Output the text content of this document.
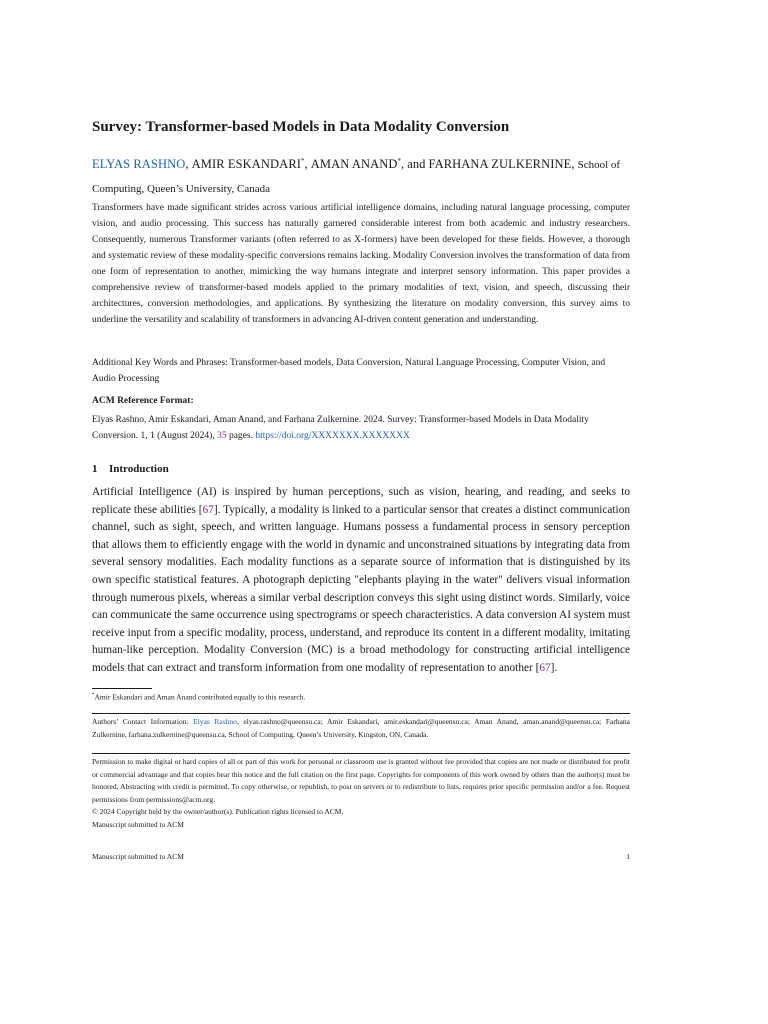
Survey: Transformer-based Models in Data Modality Conversion

ELYAS RASHNO, AMIR ESKANDARI*, AMAN ANAND*, and FARHANA ZULKERNINE, School of
Computing, Queen’s University, Canada

Transformers have made significant strides across various artificial intelligence domains, including natural language processing, computer vision, and audio processing. This success has naturally garnered considerable interest from both academic and industry researchers. Consequently, numerous Transformer variants (often referred to as X-formers) have been developed for these fields. However, a thorough and systematic review of these modality-specific conversions remains lacking. Modality Conversion involves the transformation of data from one form of representation to another, mimicking the way humans integrate and interpret sensory information. This paper provides a comprehensive review of transformer-based models applied to the primary modalities of text, vision, and speech, discussing their architectures, conversion methodologies, and applications. By synthesizing the literature on modality conversion, this survey aims to underline the versatility and scalability of transformers in advancing AI-driven content generation and understanding.

Additional Key Words and Phrases: Transformer-based models, Data Conversion, Natural Language Processing, Computer Vision, and Audio Processing

ACM Reference Format:

Elyas Rashno, Amir Eskandari, Aman Anand, and Farhana Zulkernine. 2024. Survey: Transformer-based Models in Data Modality Conversion. 1, 1 (August 2024), 35 pages. https://doi.org/XXXXXXX.XXXXXXX

1 Introduction

Artificial Intelligence (AI) is inspired by human perceptions, such as vision, hearing, and reading, and seeks to replicate these abilities [67]. Typically, a modality is linked to a particular sensor that creates a distinct communication channel, such as sight, speech, and written language. Humans possess a fundamental process in sensory perception that allows them to efficiently engage with the world in dynamic and unconstrained situations by integrating data from several sensory modalities. Each modality functions as a separate source of information that is distinguished by its own specific statistical features. A photograph depicting "elephants playing in the water" delivers visual information through numerous pixels, whereas a similar verbal description conveys this sight using distinct words. Similarly, voice can communicate the same occurrence using spectrograms or speech characteristics. A data conversion AI system must receive input from a specific modality, process, understand, and reproduce its content in a different modality, imitating human-like perception. Modality Conversion (MC) is a broad methodology for constructing artificial intelligence models that can extract and transform information from one modality of representation to another [67].

*Amir Eskandari and Aman Anand contributed equally to this research.

Authors’ Contact Information: Elyas Rashno, elyas.rashno@queensu.ca; Amir Eskandari, amir.eskandari@queensu.ca; Aman Anand, aman.anand@queensu.ca; Farhana Zulkernine, farhana.zulkernine@queensu.ca, School of Computing, Queen’s University, Kingston, ON, Canada.

Permission to make digital or hard copies of all or part of this work for personal or classroom use is granted without fee provided that copies are not made or distributed for profit or commercial advantage and that copies bear this notice and the full citation on the first page. Copyrights for components of this work owned by others than the author(s) must be honored. Abstracting with credit is permitted. To copy otherwise, or republish, to post on servers or to redistribute to lists, requires prior specific permission and/or a fee. Request permissions from permissions@acm.org.
© 2024 Copyright held by the owner/author(s). Publication rights licensed to ACM.
Manuscript submitted to ACM

Manuscript submitted to ACM	1
